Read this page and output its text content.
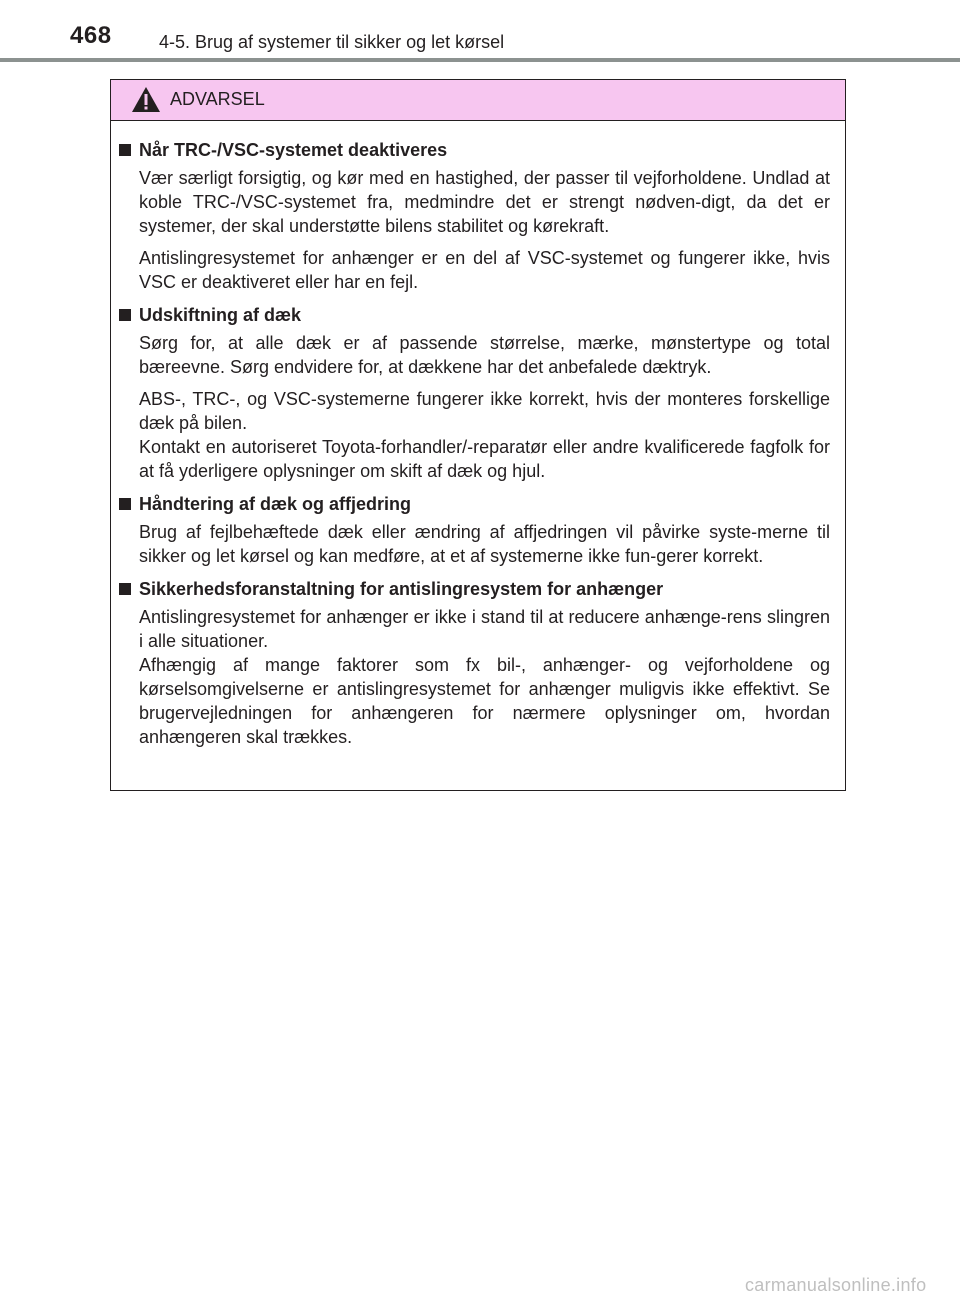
468	4-5. Brug af systemer til sikker og let kørsel
ADVARSEL
Når TRC-/VSC-systemet deaktiveres
Vær særligt forsigtig, og kør med en hastighed, der passer til vejforholdene. Undlad at koble TRC-/VSC-systemet fra, medmindre det er strengt nødven-digt, da det er systemer, der skal understøtte bilens stabilitet og kørekraft.
Antislingresystemet for anhænger er en del af VSC-systemet og fungerer ikke, hvis VSC er deaktiveret eller har en fejl.
Udskiftning af dæk
Sørg for, at alle dæk er af passende størrelse, mærke, mønstertype og total bæreevne. Sørg endvidere for, at dækkene har det anbefalede dæktryk.
ABS-, TRC-, og VSC-systemerne fungerer ikke korrekt, hvis der monteres forskellige dæk på bilen.
Kontakt en autoriseret Toyota-forhandler/-reparatør eller andre kvalificerede fagfolk for at få yderligere oplysninger om skift af dæk og hjul.
Håndtering af dæk og affjedring
Brug af fejlbehæftede dæk eller ændring af affjedringen vil påvirke syste-merne til sikker og let kørsel og kan medføre, at et af systemerne ikke fun-gerer korrekt.
Sikkerhedsforanstaltning for antislingresystem for anhænger
Antislingresystemet for anhænger er ikke i stand til at reducere anhænge-rens slingren i alle situationer.
Afhængig af mange faktorer som fx bil-, anhænger- og vejforholdene og kørselsomgivelserne er antislingresystemet for anhænger muligvis ikke effektivt. Se brugervejledningen for anhængeren for nærmere oplysninger om, hvordan anhængeren skal trækkes.
carmanualsonline.info
